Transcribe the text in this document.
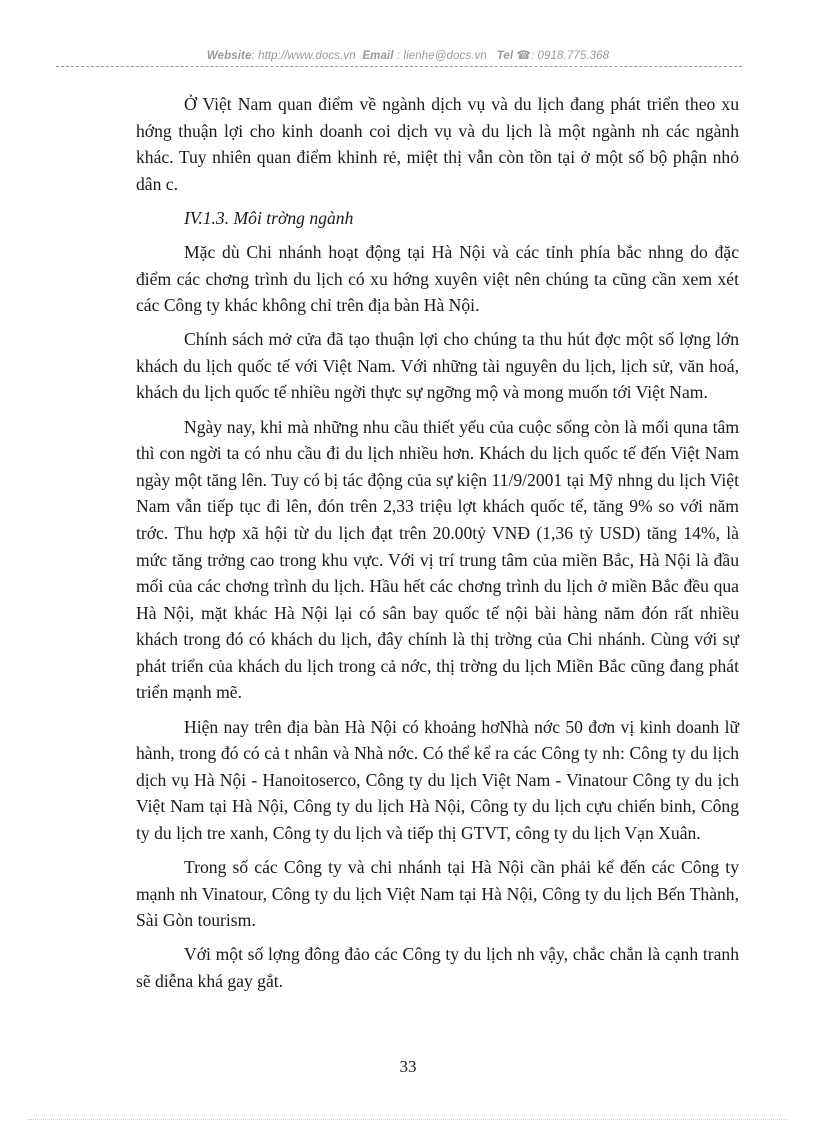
Website: http://www.docs.vn Email : lienhe@docs.vn Tel ☎: 0918.775.368

Ở Việt Nam quan điểm về ngành dịch vụ và du lịch đang phát triển theo xu hớng thuận lợi cho kinh doanh coi dịch vụ và du lịch là một ngành nh các ngành khác. Tuy nhiên quan điểm khinh rẻ, miệt thị vẫn còn tồn tại ở một số bộ phận nhỏ dân c.

IV.1.3. Môi trờng ngành

Mặc dù Chi nhánh hoạt động tại Hà Nội và các tỉnh phía bắc nhng do đặc điểm các chơng trình du lịch có xu hớng xuyên việt nên chúng ta cũng cần xem xét các Công ty khác không chỉ trên địa bàn Hà Nội.

Chính sách mở cửa đã tạo thuận lợi cho chúng ta thu hút đợc một số lợng lớn khách du lịch quốc tế với Việt Nam. Với những tài nguyên du lịch, lịch sử, văn hoá, khách du lịch quốc tế nhiều ngời thực sự ngỡng mộ và mong muốn tới Việt Nam.

Ngày nay, khi mà những nhu cầu thiết yếu của cuộc sống còn là mối quna tâm thì con ngời ta có nhu cầu đi du lịch nhiều hơn. Khách du lịch quốc tế đến Việt Nam ngày một tăng lên. Tuy có bị tác động của sự kiện 11/9/2001 tại Mỹ nhng du lịch Việt Nam vẫn tiếp tục đi lên, đón trên 2,33 triệu lợt khách quốc tế, tăng 9% so với năm trớc. Thu hợp xã hội từ du lịch đạt trên 20.00tỷ VNĐ (1,36 tỷ USD) tăng 14%, là mức tăng trởng cao trong khu vực. Với vị trí trung tâm của miền Bắc, Hà Nội là đầu mối của các chơng trình du lịch. Hầu hết các chơng trình du lịch ở miền Bắc đều qua Hà Nội, mặt khác Hà Nội lại có sân bay quốc tế nội bài hàng năm đón rất nhiều khách trong đó có khách du lịch, đây chính là thị trờng của Chi nhánh. Cùng với sự phát triển của khách du lịch trong cả nớc, thị trờng du lịch Miền Bắc cũng đang phát triển mạnh mẽ.

Hiện nay trên địa bàn Hà Nội có khoảng hơNhà nớc 50 đơn vị kinh doanh lữ hành, trong đó có cả t nhân và Nhà nớc. Có thể kể ra các Công ty nh: Công ty du lịch dịch vụ Hà Nội - Hanoitoserco, Công ty du lịch Việt Nam - Vinatour Công ty du ịch Việt Nam tại Hà Nội, Công ty du lịch Hà Nội, Công ty du lịch cựu chiến binh, Công ty du lịch tre xanh, Công ty du lịch và tiếp thị GTVT, công ty du lịch Vạn Xuân.

Trong số các Công ty và chi nhánh tại Hà Nội cần phải kể đến các Công ty mạnh nh Vinatour, Công ty du lịch Việt Nam tại Hà Nội, Công ty du lịch Bến Thành, Sài Gòn tourism.

Với một số lợng đông đảo các Công ty du lịch nh vậy, chắc chắn là cạnh tranh sẽ diễna khá gay gắt.

33
